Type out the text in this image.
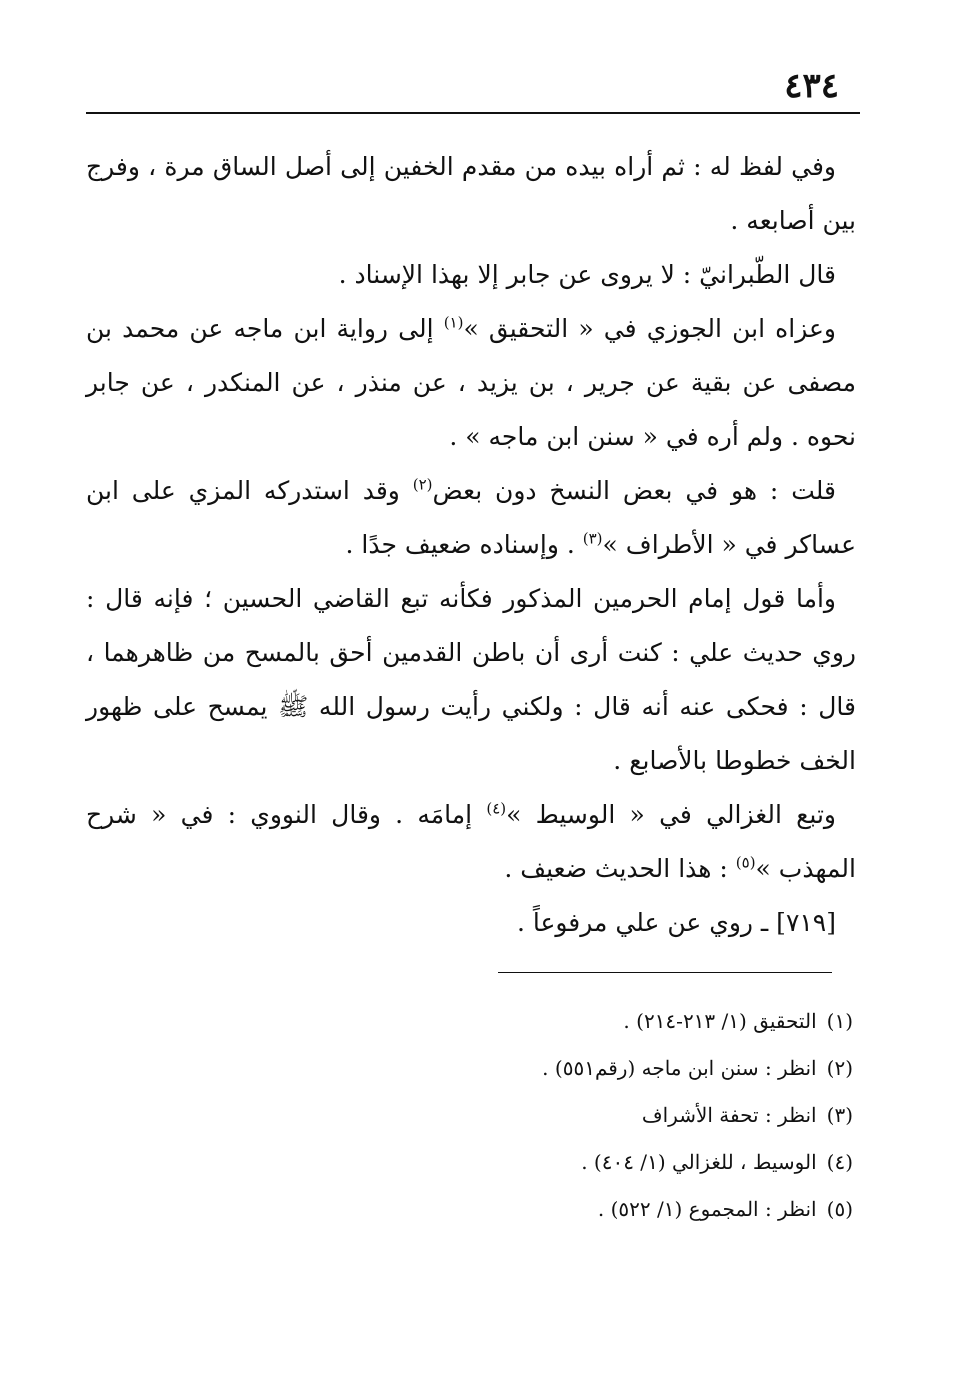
٤٣٤

وفي لفظ له : ثم أراه بيده من مقدم الخفين إلى أصل الساق مرة ، وفرج بين أصابعه .

قال الطّبرانيّ : لا يروى عن جابر إلا بهذا الإسناد .

وعزاه ابن الجوزي في « التحقيق »$^{(١)}$ إلى رواية ابن ماجه عن محمد بن مصفى عن بقية عن جرير ، بن يزيد ، عن منذر ، عن المنكدر ، عن جابر نحوه . ولم أره في « سنن ابن ماجه » .

قلت : هو في بعض النسخ دون بعض$^{(٢)}$ وقد استدركه المزي على ابن عساكر في « الأطراف »$^{(٣)}$ . وإسناده ضعيف جدًا .

وأما قول إمام الحرمين المذكور فكأنه تبع القاضي الحسين ؛ فإنه قال : روي حديث علي : كنت أرى أن باطن القدمين أحق بالمسح من ظاهرهما ، قال : فحكى عنه أنه قال : ولكني رأيت رسول الله ﷺ يمسح على ظهور الخف خطوطا بالأصابع .

وتبع الغزالي في « الوسيط »$^{(٤)}$ إمامَه . وقال النووي : في « شرح المهذب »$^{(٥)}$ : هذا الحديث ضعيف .

[٧١٩] ـ روي عن علي مرفوعاً .

(١)التحقيق (١/ ٢١٣-٢١٤) .

(٢)انظر : سنن ابن ماجه (رقم٥٥١) .

(٣)انظر : تحفة الأشراف

(٤)الوسيط ، للغزالي (١/ ٤٠٤) .

(٥)انظر : المجموع (١/ ٥٢٢) .
